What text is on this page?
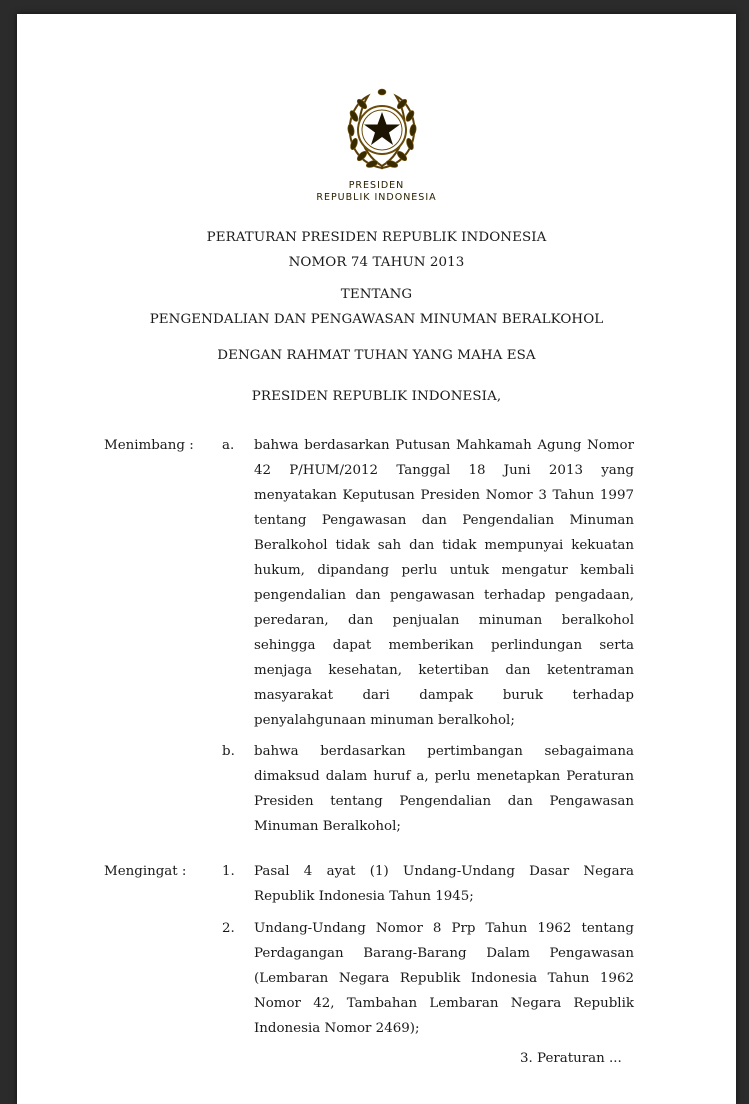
PRESIDEN
REPUBLIK INDONESIA
PERATURAN PRESIDEN REPUBLIK INDONESIA
NOMOR 74 TAHUN 2013
TENTANG
PENGENDALIAN DAN PENGAWASAN MINUMAN BERALKOHOL
DENGAN RAHMAT TUHAN YANG MAHA ESA
PRESIDEN REPUBLIK INDONESIA,
Menimbang : a. bahwa berdasarkan Putusan Mahkamah Agung Nomor 42 P/HUM/2012 Tanggal 18 Juni 2013 yang menyatakan Keputusan Presiden Nomor 3 Tahun 1997 tentang Pengawasan dan Pengendalian Minuman Beralkohol tidak sah dan tidak mempunyai kekuatan hukum, dipandang perlu untuk mengatur kembali pengendalian dan pengawasan terhadap pengadaan, peredaran, dan penjualan minuman beralkohol sehingga dapat memberikan perlindungan serta menjaga kesehatan, ketertiban dan ketentraman masyarakat dari dampak buruk terhadap penyalahgunaan minuman beralkohol;
b. bahwa berdasarkan pertimbangan sebagaimana dimaksud dalam huruf a, perlu menetapkan Peraturan Presiden tentang Pengendalian dan Pengawasan Minuman Beralkohol;
Mengingat :	1. Pasal 4 ayat (1) Undang-Undang Dasar Negara Republik Indonesia Tahun 1945;
2. Undang-Undang Nomor 8 Prp Tahun 1962 tentang Perdagangan Barang-Barang Dalam Pengawasan (Lembaran Negara Republik Indonesia Tahun 1962 Nomor 42, Tambahan Lembaran Negara Republik Indonesia Nomor 2469);
3. Peraturan ...
